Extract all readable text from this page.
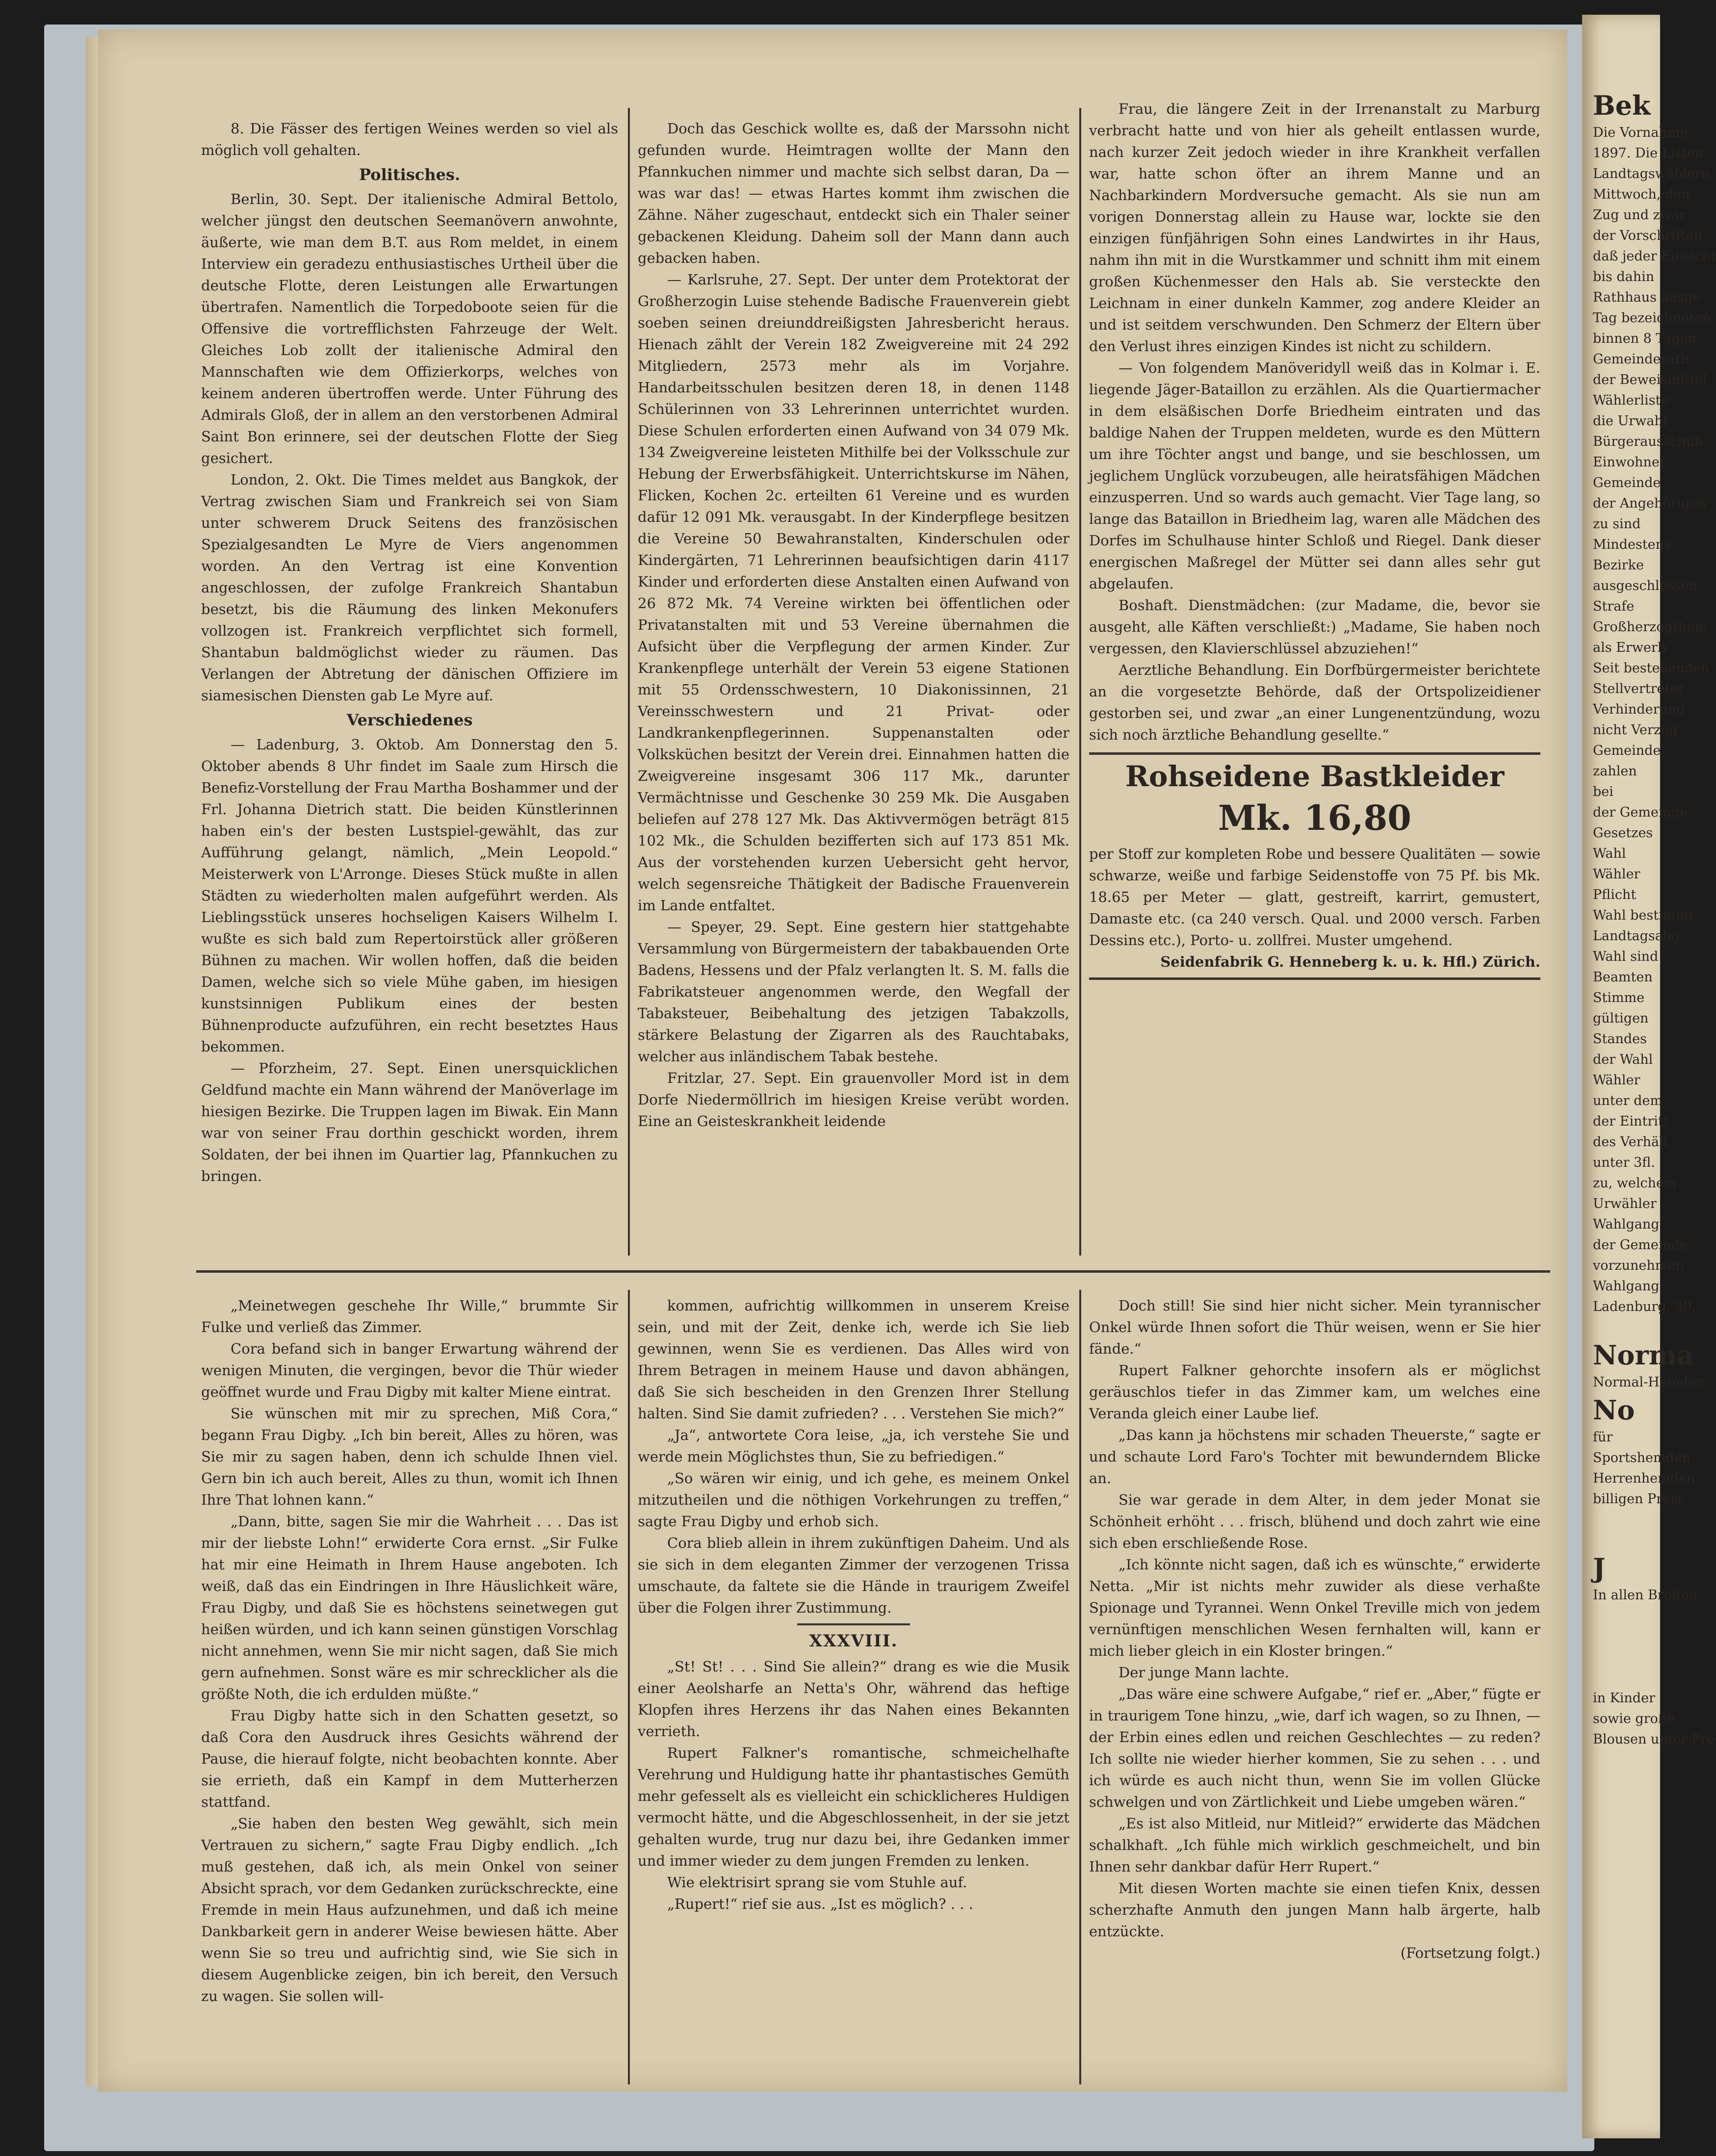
8. Die Fässer des fertigen Weines werden so viel als möglich voll gehalten.

Politisches.

Berlin, 30. Sept. Der italienische Admiral Bettolo, welcher jüngst den deutschen Seemanövern anwohnte, äußerte, wie man dem B.T. aus Rom meldet, in einem Interview ein geradezu enthusiastisches Urtheil über die deutsche Flotte, deren Leistungen alle Erwartungen übertrafen. Namentlich die Torpedoboote seien für die Offensive die vortrefflichsten Fahrzeuge der Welt. Gleiches Lob zollt der italienische Admiral den Mannschaften wie dem Offizierkorps, welches von keinem anderen übertroffen werde. Unter Führung des Admirals Gloß, der in allem an den verstorbenen Admiral Saint Bon erinnere, sei der deutschen Flotte der Sieg gesichert.

London, 2. Okt. Die Times meldet aus Bangkok, der Vertrag zwischen Siam und Frankreich sei von Siam unter schwerem Druck Seitens des französischen Spezialgesandten Le Myre de Viers angenommen worden. An den Vertrag ist eine Konvention angeschlossen, der zufolge Frankreich Shantabun besetzt, bis die Räumung des linken Mekonufers vollzogen ist. Frankreich verpflichtet sich formell, Shantabun baldmöglichst wieder zu räumen. Das Verlangen der Abtretung der dänischen Offiziere im siamesischen Diensten gab Le Myre auf.

Verschiedenes

— Ladenburg, 3. Oktob. Am Donnerstag den 5. Oktober abends 8 Uhr findet im Saale zum Hirsch die Benefiz-Vorstellung der Frau Martha Boshammer und der Frl. Johanna Dietrich statt. Die beiden Künstlerinnen haben ein's der besten Lustspiel-gewählt, das zur Aufführung gelangt, nämlich, „Mein Leopold.“ Meisterwerk von L'Arronge. Dieses Stück mußte in allen Städten zu wiederholten malen aufgeführt werden. Als Lieblingsstück unseres hochseligen Kaisers Wilhelm I. wußte es sich bald zum Repertoirstück aller größeren Bühnen zu machen. Wir wollen hoffen, daß die beiden Damen, welche sich so viele Mühe gaben, im hiesigen kunstsinnigen Publikum eines der besten Bühnenproducte aufzuführen, ein recht besetztes Haus bekommen.

— Pforzheim, 27. Sept. Einen unersquicklichen Geldfund machte ein Mann während der Manöverlage im hiesigen Bezirke. Die Truppen lagen im Biwak. Ein Mann war von seiner Frau dorthin geschickt worden, ihrem Soldaten, der bei ihnen im Quartier lag, Pfannkuchen zu bringen.

Doch das Geschick wollte es, daß der Marssohn nicht gefunden wurde. Heimtragen wollte der Mann den Pfannkuchen nimmer und machte sich selbst daran, Da — was war das! — etwas Hartes kommt ihm zwischen die Zähne. Näher zugeschaut, entdeckt sich ein Thaler seiner gebackenen Kleidung. Daheim soll der Mann dann auch gebacken haben.

— Karlsruhe, 27. Sept. Der unter dem Protektorat der Großherzogin Luise stehende Badische Frauenverein giebt soeben seinen dreiunddreißigsten Jahresbericht heraus. Hienach zählt der Verein 182 Zweigvereine mit 24 292 Mitgliedern, 2573 mehr als im Vorjahre. Handarbeitsschulen besitzen deren 18, in denen 1148 Schülerinnen von 33 Lehrerinnen unterrichtet wurden. Diese Schulen erforderten einen Aufwand von 34 079 Mk. 134 Zweigvereine leisteten Mithilfe bei der Volksschule zur Hebung der Erwerbsfähigkeit. Unterrichtskurse im Nähen, Flicken, Kochen 2c. erteilten 61 Vereine und es wurden dafür 12 091 Mk. verausgabt. In der Kinderpflege besitzen die Vereine 50 Bewahranstalten, Kinderschulen oder Kindergärten, 71 Lehrerinnen beaufsichtigen darin 4117 Kinder und erforderten diese Anstalten einen Aufwand von 26 872 Mk. 74 Vereine wirkten bei öffentlichen oder Privatanstalten mit und 53 Vereine übernahmen die Aufsicht über die Verpflegung der armen Kinder. Zur Krankenpflege unterhält der Verein 53 eigene Stationen mit 55 Ordensschwestern, 10 Diakonissinnen, 21 Vereinsschwestern und 21 Privat- oder Landkrankenpflegerinnen. Suppenanstalten oder Volksküchen besitzt der Verein drei. Einnahmen hatten die Zweigvereine insgesamt 306 117 Mk., darunter Vermächtnisse und Geschenke 30 259 Mk. Die Ausgaben beliefen auf 278 127 Mk. Das Aktivvermögen beträgt 815 102 Mk., die Schulden bezifferten sich auf 173 851 Mk. Aus der vorstehenden kurzen Uebersicht geht hervor, welch segensreiche Thätigkeit der Badische Frauenverein im Lande entfaltet.

— Speyer, 29. Sept. Eine gestern hier stattgehabte Versammlung von Bürgermeistern der tabakbauenden Orte Badens, Hessens und der Pfalz verlangten lt. S. M. falls die Fabrikatsteuer angenommen werde, den Wegfall der Tabaksteuer, Beibehaltung des jetzigen Tabakzolls, stärkere Belastung der Zigarren als des Rauchtabaks, welcher aus inländischem Tabak bestehe.

Fritzlar, 27. Sept. Ein grauenvoller Mord ist in dem Dorfe Niedermöllrich im hiesigen Kreise verübt worden. Eine an Geisteskrankheit leidende

Frau, die längere Zeit in der Irrenanstalt zu Marburg verbracht hatte und von hier als geheilt entlassen wurde, nach kurzer Zeit jedoch wieder in ihre Krankheit verfallen war, hatte schon öfter an ihrem Manne und an Nachbarkindern Mordversuche gemacht. Als sie nun am vorigen Donnerstag allein zu Hause war, lockte sie den einzigen fünfjährigen Sohn eines Landwirtes in ihr Haus, nahm ihn mit in die Wurstkammer und schnitt ihm mit einem großen Küchenmesser den Hals ab. Sie versteckte den Leichnam in einer dunkeln Kammer, zog andere Kleider an und ist seitdem verschwunden. Den Schmerz der Eltern über den Verlust ihres einzigen Kindes ist nicht zu schildern.

— Von folgendem Manöveridyll weiß das in Kolmar i. E. liegende Jäger-Bataillon zu erzählen. Als die Quartiermacher in dem elsäßischen Dorfe Briedheim eintraten und das baldige Nahen der Truppen meldeten, wurde es den Müttern um ihre Töchter angst und bange, und sie beschlossen, um jeglichem Unglück vorzubeugen, alle heiratsfähigen Mädchen einzusperren. Und so wards auch gemacht. Vier Tage lang, so lange das Bataillon in Briedheim lag, waren alle Mädchen des Dorfes im Schulhause hinter Schloß und Riegel. Dank dieser energischen Maßregel der Mütter sei dann alles sehr gut abgelaufen.

Boshaft. Dienstmädchen: (zur Madame, die, bevor sie ausgeht, alle Käften verschließt:) „Madame, Sie haben noch vergessen, den Klavierschlüssel abzuziehen!“

Aerztliche Behandlung. Ein Dorfbürgermeister berichtete an die vorgesetzte Behörde, daß der Ortspolizeidiener gestorben sei, und zwar „an einer Lungenentzündung, wozu sich noch ärztliche Behandlung gesellte.“

Rohseidene Bastkleider
Mk. 16,80

per Stoff zur kompleten Robe und bessere Qualitäten — sowie schwarze, weiße und farbige Seidenstoffe von 75 Pf. bis Mk. 18.65 per Meter — glatt, gestreift, karrirt, gemustert, Damaste etc. (ca 240 versch. Qual. und 2000 versch. Farben Dessins etc.), Porto- u. zollfrei. Muster umgehend.

Seidenfabrik G. Henneberg k. u. k. Hfl.) Zürich.

„Meinetwegen geschehe Ihr Wille,“ brummte Sir Fulke und verließ das Zimmer.

Cora befand sich in banger Erwartung während der wenigen Minuten, die vergingen, bevor die Thür wieder geöffnet wurde und Frau Digby mit kalter Miene eintrat.

Sie wünschen mit mir zu sprechen, Miß Cora,“ begann Frau Digby. „Ich bin bereit, Alles zu hören, was Sie mir zu sagen haben, denn ich schulde Ihnen viel. Gern bin ich auch bereit, Alles zu thun, womit ich Ihnen Ihre That lohnen kann.“

„Dann, bitte, sagen Sie mir die Wahrheit . . . Das ist mir der liebste Lohn!“ erwiderte Cora ernst. „Sir Fulke hat mir eine Heimath in Ihrem Hause angeboten. Ich weiß, daß das ein Eindringen in Ihre Häuslichkeit wäre, Frau Digby, und daß Sie es höchstens seinetwegen gut heißen würden, und ich kann seinen günstigen Vorschlag nicht annehmen, wenn Sie mir nicht sagen, daß Sie mich gern aufnehmen. Sonst wäre es mir schrecklicher als die größte Noth, die ich erdulden müßte.“

Frau Digby hatte sich in den Schatten gesetzt, so daß Cora den Ausdruck ihres Gesichts während der Pause, die hierauf folgte, nicht beobachten konnte. Aber sie errieth, daß ein Kampf in dem Mutterherzen stattfand.

„Sie haben den besten Weg gewählt, sich mein Vertrauen zu sichern,“ sagte Frau Digby endlich. „Ich muß gestehen, daß ich, als mein Onkel von seiner Absicht sprach, vor dem Gedanken zurückschreckte, eine Fremde in mein Haus aufzunehmen, und daß ich meine Dankbarkeit gern in anderer Weise bewiesen hätte. Aber wenn Sie so treu und aufrichtig sind, wie Sie sich in diesem Augenblicke zeigen, bin ich bereit, den Versuch zu wagen. Sie sollen will-

kommen, aufrichtig willkommen in unserem Kreise sein, und mit der Zeit, denke ich, werde ich Sie lieb gewinnen, wenn Sie es verdienen. Das Alles wird von Ihrem Betragen in meinem Hause und davon abhängen, daß Sie sich bescheiden in den Grenzen Ihrer Stellung halten. Sind Sie damit zufrieden? . . . Verstehen Sie mich?“

„Ja“, antwortete Cora leise, „ja, ich verstehe Sie und werde mein Möglichstes thun, Sie zu befriedigen.“

„So wären wir einig, und ich gehe, es meinem Onkel mitzutheilen und die nöthigen Vorkehrungen zu treffen,“ sagte Frau Digby und erhob sich.

Cora blieb allein in ihrem zukünftigen Daheim. Und als sie sich in dem eleganten Zimmer der verzogenen Trissa umschaute, da faltete sie die Hände in traurigem Zweifel über die Folgen ihrer Zustimmung.

XXXVIII.

„St! St! . . . Sind Sie allein?“ drang es wie die Musik einer Aeolsharfe an Netta's Ohr, während das heftige Klopfen ihres Herzens ihr das Nahen eines Bekannten verrieth.

Rupert Falkner's romantische, schmeichelhafte Verehrung und Huldigung hatte ihr phantastisches Gemüth mehr gefesselt als es vielleicht ein schicklicheres Huldigen vermocht hätte, und die Abgeschlossenheit, in der sie jetzt gehalten wurde, trug nur dazu bei, ihre Gedanken immer und immer wieder zu dem jungen Fremden zu lenken.

Wie elektrisirt sprang sie vom Stuhle auf.

„Rupert!“ rief sie aus. „Ist es möglich? . . .

Doch still! Sie sind hier nicht sicher. Mein tyrannischer Onkel würde Ihnen sofort die Thür weisen, wenn er Sie hier fände.“

Rupert Falkner gehorchte insofern als er möglichst geräuschlos tiefer in das Zimmer kam, um welches eine Veranda gleich einer Laube lief.

„Das kann ja höchstens mir schaden Theuerste,“ sagte er und schaute Lord Faro's Tochter mit bewunderndem Blicke an.

Sie war gerade in dem Alter, in dem jeder Monat sie Schönheit erhöht . . . frisch, blühend und doch zahrt wie eine sich eben erschließende Rose.

„Ich könnte nicht sagen, daß ich es wünschte,“ erwiderte Netta. „Mir ist nichts mehr zuwider als diese verhaßte Spionage und Tyrannei. Wenn Onkel Treville mich von jedem vernünftigen menschlichen Wesen fernhalten will, kann er mich lieber gleich in ein Kloster bringen.“

Der junge Mann lachte.

„Das wäre eine schwere Aufgabe,“ rief er. „Aber,“ fügte er in traurigem Tone hinzu, „wie, darf ich wagen, so zu Ihnen, — der Erbin eines edlen und reichen Geschlechtes — zu reden? Ich sollte nie wieder hierher kommen, Sie zu sehen . . . und ich würde es auch nicht thun, wenn Sie im vollen Glücke schwelgen und von Zärtlichkeit und Liebe umgeben wären.“

„Es ist also Mitleid, nur Mitleid?“ erwiderte das Mädchen schalkhaft. „Ich fühle mich wirklich geschmeichelt, und bin Ihnen sehr dankbar dafür Herr Rupert.“

Mit diesen Worten machte sie einen tiefen Knix, dessen scherzhafte Anmuth den jungen Mann halb ärgerte, halb entzückte.

(Fortsetzung folgt.)

Bek
Die Vornahme
1897. Die Listen
Landtagswählern
Mittwoch, den
Zug und zwar
der Vorschriften
daß jeder Einsicht
bis dahin
Rathhaus ausge
Tag bezeichneten
binnen 8 Tagen
Gemeinderath
der Beweismittel
Wählerliste
die Urwahl
Bürgerausschuß
Einwohner
Gemeinde
der Angehörigen
zu sind
Mindestens
Bezirke
ausgeschlossen
Strafe
Großherzogthum
als Erwerb
Seit bestehenden
Stellvertreter
Verhinderung
nicht Verzug
Gemeinde
zahlen
bei
der Gemeinde
Gesetzes
Wahl
Wähler
Pflicht
Wahl bestimmt
Landtagsabg.
Wahl sind
Beamten
Stimme
gültigen
Standes
der Wahl
Wähler
unter dem
der Eintritt
des Verhält
unter 3fl.
zu, welchem
Urwähler
Wahlgang
der Gemeinde
vorzunehmen
Wahlgang
Ladenburg, 30.
Norma
Normal-Hemden
No
für
Sportshemden
Herrenhemden
billigen Preis.
J
In allen Breiten
in Kinder
sowie große
Blousen unter Pre
